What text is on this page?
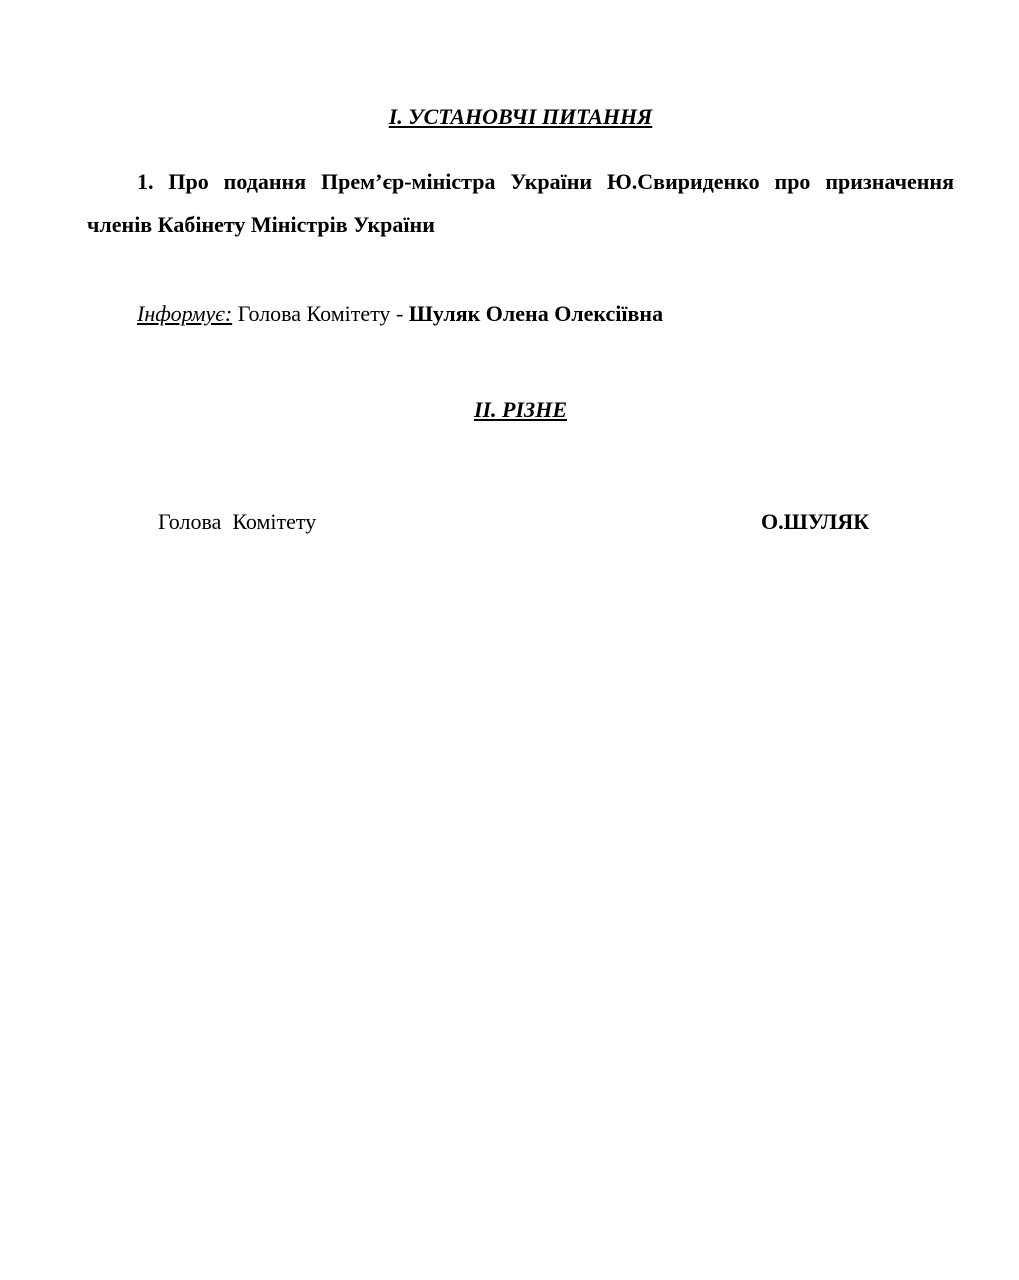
І. УСТАНОВЧІ ПИТАННЯ
1. Про подання Прем’єр-міністра України Ю.Свириденко про призначення членів Кабінету Міністрів України
Інформує: Голова Комітету - Шуляк Олена Олексіївна
ІІ. РІЗНЕ
Голова  Комітету	О.ШУЛЯК
